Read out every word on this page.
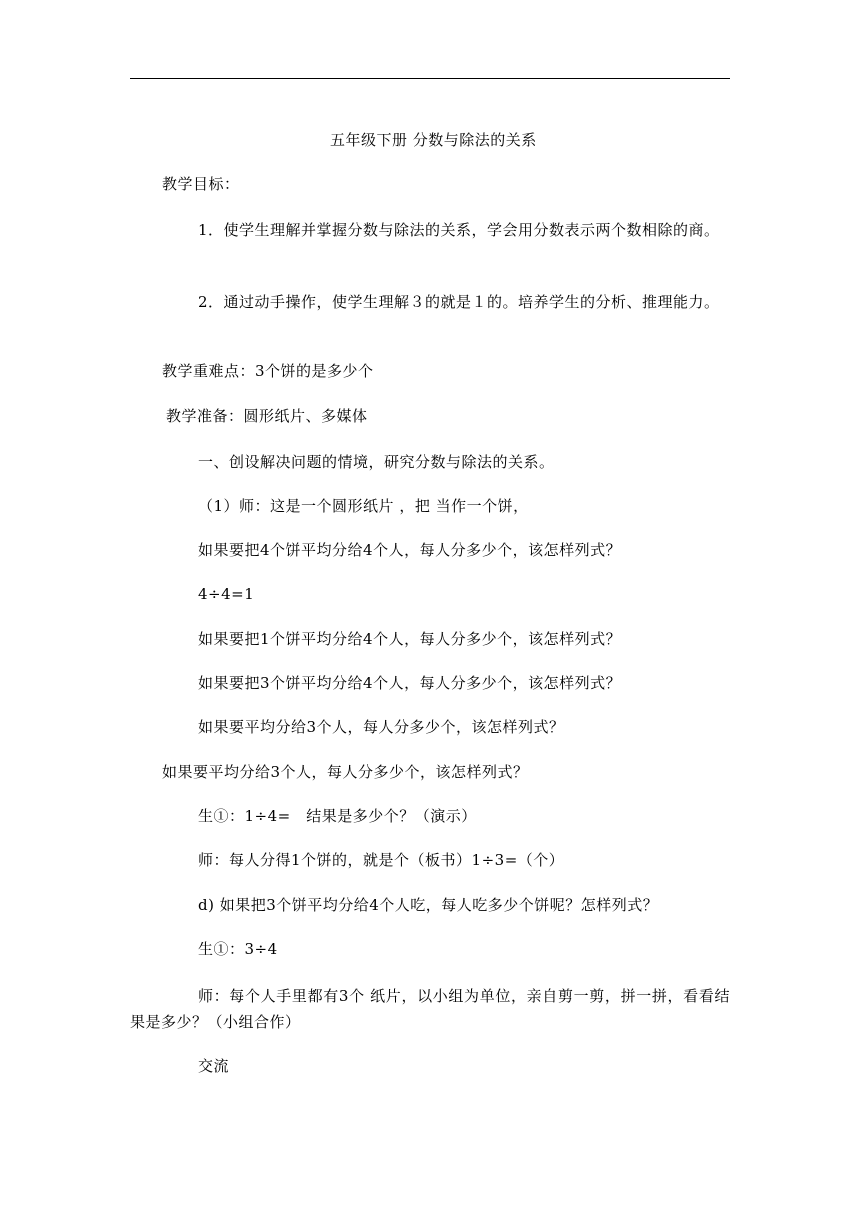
五年级下册 分数与除法的关系

教学目标：

1．使学生理解并掌握分数与除法的关系，学会用分数表示两个数相除的商。

2．通过动手操作，使学生理解３的就是１的。培养学生的分析、推理能力。

教学重难点：3个饼的是多少个

教学准备：圆形纸片、多媒体

一、创设解决问题的情境，研究分数与除法的关系。

（1）师：这是一个圆形纸片 ，把 当作一个饼，

如果要把4个饼平均分给4个人，每人分多少个，该怎样列式？

4÷4=1

如果要把1个饼平均分给4个人，每人分多少个，该怎样列式？

如果要把3个饼平均分给4个人，每人分多少个，该怎样列式？

如果要平均分给3个人，每人分多少个，该怎样列式？

如果要平均分给3个人，每人分多少个，该怎样列式？

生①：1÷4=　结果是多少个？（演示）

师：每人分得1个饼的，就是个（板书）1÷3=（个）

d) 如果把3个饼平均分给4个人吃，每人吃多少个饼呢？怎样列式？

生①：3÷4

师：每个人手里都有3个 纸片，以小组为单位，亲自剪一剪，拼一拼，看看结果是多少？（小组合作）

交流
